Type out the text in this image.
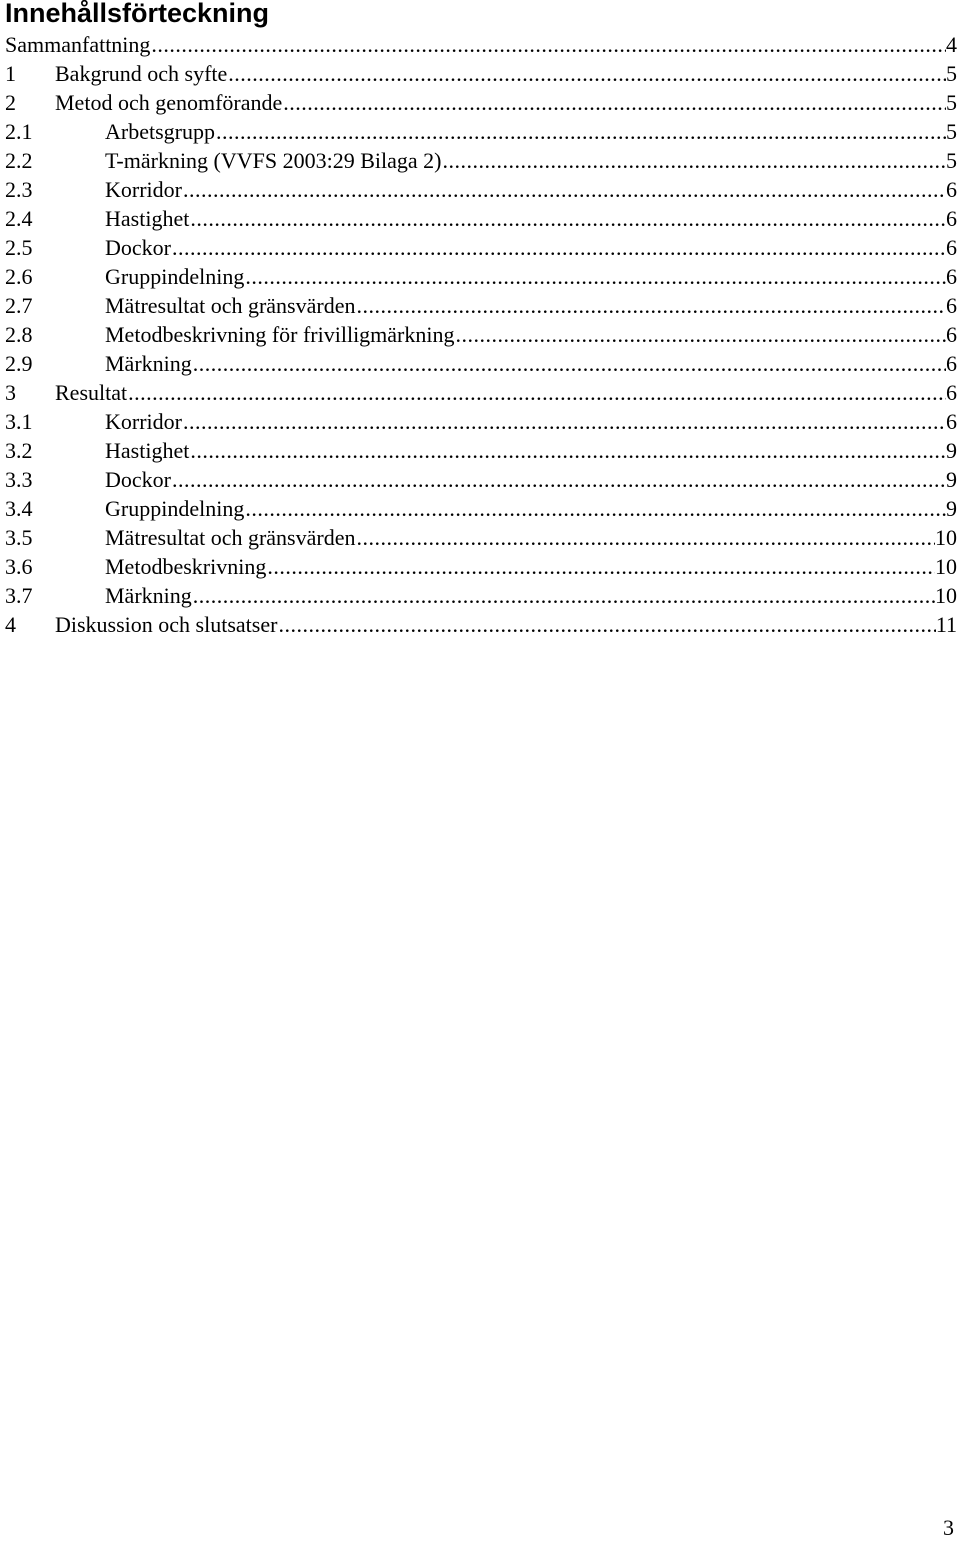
Innehållsförteckning
Sammanfattning .....	4
1	Bakgrund och syfte .....	5
2	Metod och genomförande .....	5
2.1	Arbetsgrupp .....	5
2.2	T-märkning (VVFS 2003:29 Bilaga 2) .....	5
2.3	Korridor .....	6
2.4	Hastighet .....	6
2.5	Dockor .....	6
2.6	Gruppindelning .....	6
2.7	Mätresultat och gränsvärden .....	6
2.8	Metodbeskrivning för frivilligmärkning .....	6
2.9	Märkning .....	6
3	Resultat .....	6
3.1	Korridor .....	6
3.2	Hastighet .....	9
3.3	Dockor .....	9
3.4	Gruppindelning .....	9
3.5	Mätresultat och gränsvärden .....	10
3.6	Metodbeskrivning .....	10
3.7	Märkning .....	10
4	Diskussion och slutsatser .....	11
3
